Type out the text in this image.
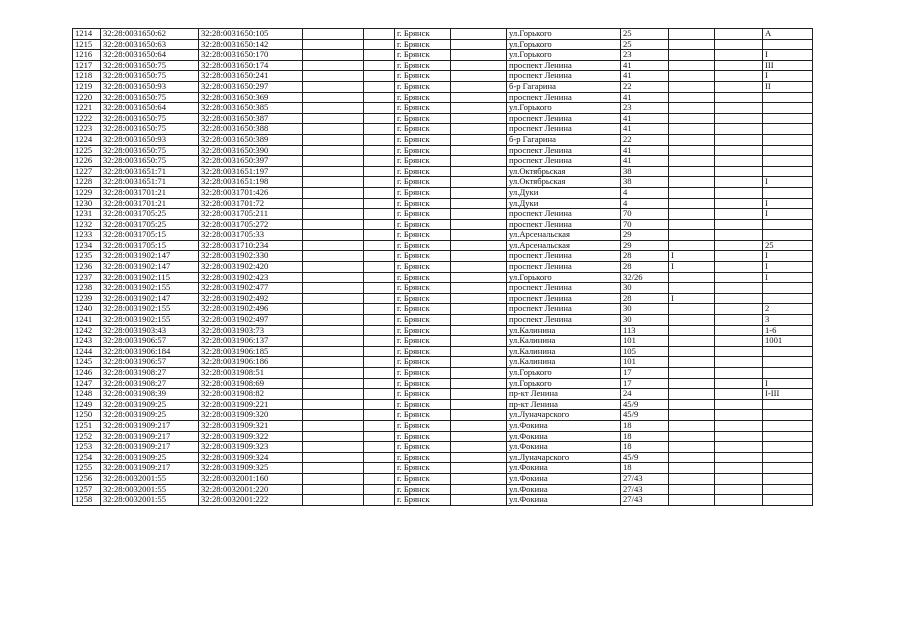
1214	32:28:0031650:62	32:28:0031650:105			г. Брянск		ул.Горького	25			А
1215	32:28:0031650:63	32:28:0031650:142			г. Брянск		ул.Горького	25			
1216	32:28:0031650:64	32:28:0031650:170			г. Брянск		ул.Горького	23			I
1217	32:28:0031650:75	32:28:0031650:174			г. Брянск		проспект Ленина	41			III
1218	32:28:0031650:75	32:28:0031650:241			г. Брянск		проспект Ленина	41			I
1219	32:28:0031650:93	32:28:0031650:297			г. Брянск		б-р Гагарина	22			II
1220	32:28:0031650:75	32:28:0031650:369			г. Брянск		проспект Ленина	41			
1221	32:28:0031650:64	32:28:0031650:385			г. Брянск		ул.Горького	23			
1222	32:28:0031650:75	32:28:0031650:387			г. Брянск		проспект Ленина	41			
1223	32:28:0031650:75	32:28:0031650:388			г. Брянск		проспект Ленина	41			
1224	32:28:0031650:93	32:28:0031650:389			г. Брянск		б-р Гагарина	22			
1225	32:28:0031650:75	32:28:0031650:390			г. Брянск		проспект Ленина	41			
1226	32:28:0031650:75	32:28:0031650:397			г. Брянск		проспект Ленина	41			
1227	32:28:0031651:71	32:28:0031651:197			г. Брянск		ул.Октябрьская	38			
1228	32:28:0031651:71	32:28:0031651:198			г. Брянск		ул.Октябрьская	38			I
1229	32:28:0031701:21	32:28:0031701:426			г. Брянск		ул.Дуки	4			
1230	32:28:0031701:21	32:28:0031701:72			г. Брянск		ул.Дуки	4			I
1231	32:28:0031705:25	32:28:0031705:211			г. Брянск		проспект Ленина	70			I
1232	32:28:0031705:25	32:28:0031705:272			г. Брянск		проспект Ленина	70			
1233	32:28:0031705:15	32:28:0031705:33			г. Брянск		ул.Арсенальская	29			
1234	32:28:0031705:15	32:28:0031710:234			г. Брянск		ул.Арсенальская	29			25
1235	32:28:0031902:147	32:28:0031902:330			г. Брянск		проспект Ленина	28	I		I
1236	32:28:0031902:147	32:28:0031902:420			г. Брянск		проспект Ленина	28	I		I
1237	32:28:0031902:115	32:28:0031902:423			г. Брянск		ул.Горького	32/26			I
1238	32:28:0031902:155	32:28:0031902:477			г. Брянск		проспект Ленина	30			
1239	32:28:0031902:147	32:28:0031902:492			г. Брянск		проспект Ленина	28	I		
1240	32:28:0031902:155	32:28:0031902:496			г. Брянск		проспект Ленина	30			2
1241	32:28:0031902:155	32:28:0031902:497			г. Брянск		проспект Ленина	30			3
1242	32:28:0031903:43	32:28:0031903:73			г. Брянск		ул.Калинина	113			1-6
1243	32:28:0031906:57	32:28:0031906:137			г. Брянск		ул.Калинина	101			1001
1244	32:28:0031906:184	32:28:0031906:185			г. Брянск		ул.Калинина	105			
1245	32:28:0031906:57	32:28:0031906:186			г. Брянск		ул.Калинина	101			
1246	32:28:0031908:27	32:28:0031908:51			г. Брянск		ул.Горького	17			
1247	32:28:0031908:27	32:28:0031908:69			г. Брянск		ул.Горького	17			I
1248	32:28:0031908:39	32:28:0031908:82			г. Брянск		пр-кт Ленина	24			I-III
1249	32:28:0031909:25	32:28:0031909:221			г. Брянск		пр-кт Ленина	45/9			
1250	32:28:0031909:25	32:28:0031909:320			г. Брянск		ул.Луначарского	45/9			
1251	32:28:0031909:217	32:28:0031909:321			г. Брянск		ул.Фокина	18			
1252	32:28:0031909:217	32:28:0031909:322			г. Брянск		ул.Фокина	18			
1253	32:28:0031909:217	32:28:0031909:323			г. Брянск		ул.Фокина	18			
1254	32:28:0031909:25	32:28:0031909:324			г. Брянск		ул.Луначарского	45/9			
1255	32:28:0031909:217	32:28:0031909:325			г. Брянск		ул.Фокина	18			
1256	32:28:0032001:55	32:28:0032001:160			г. Брянск		ул.Фокина	27/43			
1257	32:28:0032001:55	32:28:0032001:220			г. Брянск		ул.Фокина	27/43			
1258	32:28:0032001:55	32:28:0032001:222			г. Брянск		ул.Фокина	27/43			
